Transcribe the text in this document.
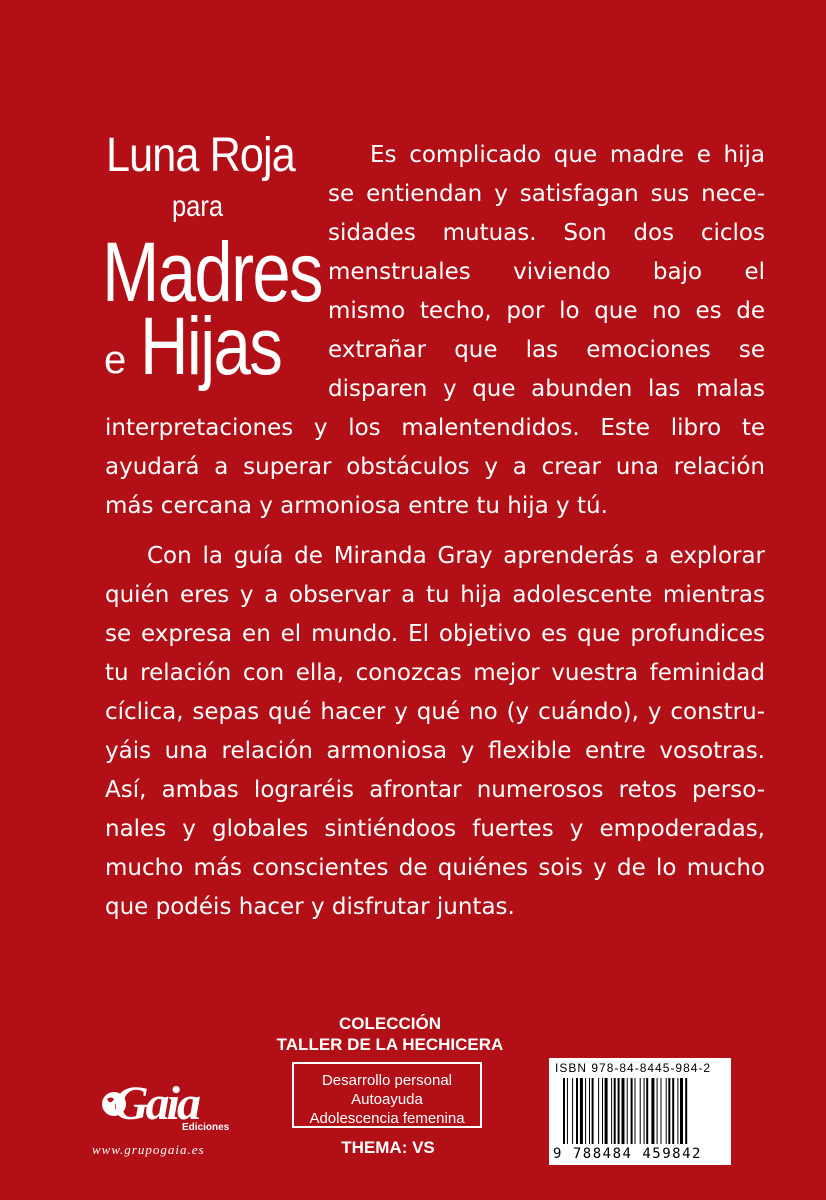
Luna Roja
para
Madres
e Hijas
Es complicado que madre e hija
se entiendan y satisfagan sus nece-
sidades mutuas. Son dos ciclos
menstruales viviendo bajo el
mismo techo, por lo que no es de
extrañar que las emociones se
disparen y que abunden las malas
interpretaciones y los malentendidos. Este libro te
ayudará a superar obstáculos y a crear una relación
más cercana y armoniosa entre tu hija y tú.
Con la guía de Miranda Gray aprenderás a explorar
quién eres y a observar a tu hija adolescente mientras
se expresa en el mundo. El objetivo es que profundices
tu relación con ella, conozcas mejor vuestra feminidad
cíclica, sepas qué hacer y qué no (y cuándo), y constru-
yáis una relación armoniosa y flexible entre vosotras.
Así, ambas lograréis afrontar numerosos retos perso-
nales y globales sintiéndoos fuertes y empoderadas,
mucho más conscientes de quiénes sois y de lo mucho
que podéis hacer y disfrutar juntas.
COLECCIÓN
TALLER DE LA HECHICERA
Desarrollo personal
Autoayuda
Adolescencia femenina
THEMA: VS
Gaia
Ediciones
www.grupogaia.es
ISBN 978-84-8445-984-2
9 788484 459842
